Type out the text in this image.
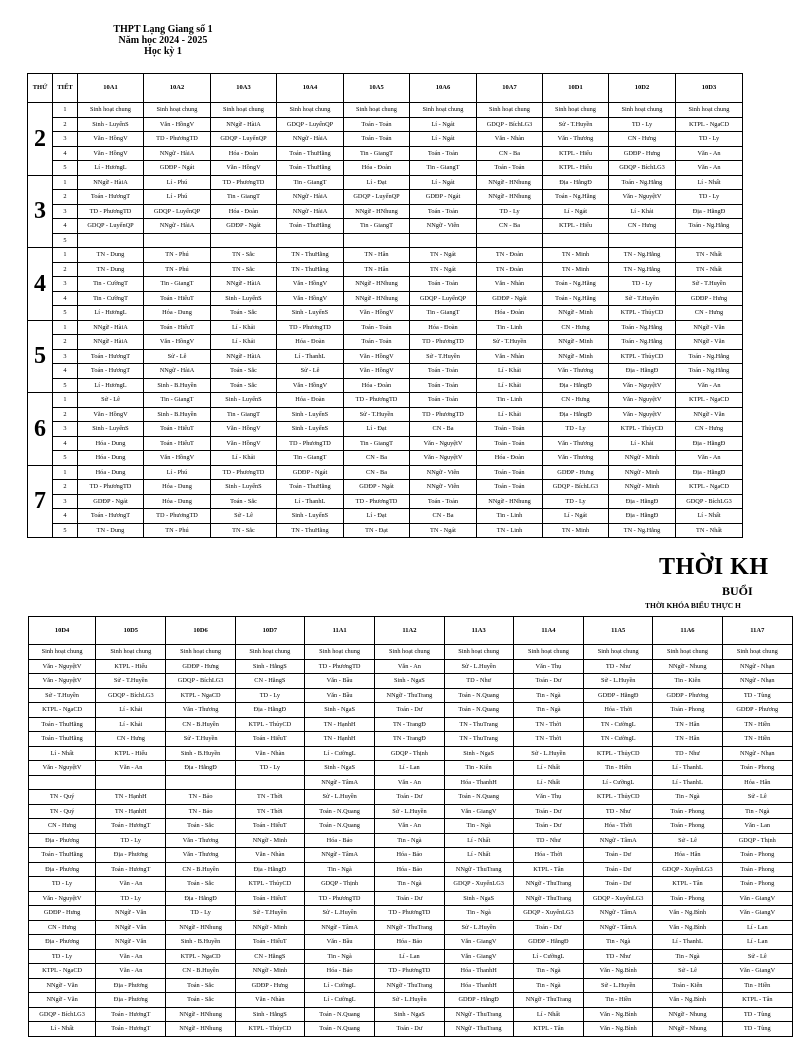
THPT Lạng Giang số 1
Năm học 2024 - 2025
Học kỳ 1
THỨ	TIẾT	10A1	10A2	10A3	10A4	10A5	10A6	10A7	10D1	10D2	10D3
2	1	Sinh hoạt chung	Sinh hoạt chung	Sinh hoạt chung	Sinh hoạt chung	Sinh hoạt chung	Sinh hoạt chung	Sinh hoạt chung	Sinh hoạt chung	Sinh hoạt chung	Sinh hoạt chung
	2	Sinh - LuyếnS	Văn - HồngV	NNgữ - HàiA	GDQP - LuyếnQP	Toán - Toản	Lí - Ngát	GDQP - BíchLG3	Sử - T.Huyền	TD - Ly	KTPL - NgaCD
	3	Văn - HồngV	TD - PhươngTD	GDQP - LuyếnQP	NNgữ - HàiA	Toán - Toản	Lí - Ngát	Văn - Nhàn	Văn - Thương	CN - Hưng	TD - Ly
	4	Văn - HồngV	NNgữ - HàiA	Hóa - Đoàn	Toán - ThuHằng	Tin - GiangT	Toán - Toản	CN - Ba	KTPL - Hiếu	GDĐP - Hưng	Văn - An
	5	Lí - HươngL	GDĐP - Ngát	Văn - HồngV	Toán - ThuHằng	Hóa - Đoàn	Tin - GiangT	Toán - Toản	KTPL - Hiếu	GDQP - BíchLG3	Văn - An
3	1	NNgữ - HàiA	Lí - Phú	TD - PhươngTD	Tin - GiangT	Lí - Đạt	Lí - Ngát	NNgữ - HNhung	Địa - HằngĐ	Toán - Ng.Hằng	Lí - Nhất
	2	Toán - HươngT	Lí - Phú	Tin - GiangT	NNgữ - HàiA	GDQP - LuyếnQP	GDĐP - Ngát	NNgữ - HNhung	Toán - Ng.Hằng	Văn - NguyệtV	TD - Ly
	3	TD - PhươngTD	GDQP - LuyếnQP	Hóa - Đoàn	NNgữ - HàiA	NNgữ - HNhung	Toán - Toản	TD - Ly	Lí - Ngát	Lí - Khải	Địa - HằngĐ
	4	GDQP - LuyếnQP	NNgữ - HàiA	GDĐP - Ngát	Toán - ThuHằng	Tin - GiangT	NNgữ - Viên	CN - Ba	KTPL - Hiếu	CN - Hưng	Toán - Ng.Hằng
	5										
4	1	TN - Dung	TN - Phú	TN - Sắc	TN - ThuHằng	TN - Hân	TN - Ngát	TN - Đoàn	TN - Minh	TN - Ng.Hằng	TN - Nhất
	2	TN - Dung	TN - Phú	TN - Sắc	TN - ThuHằng	TN - Hân	TN - Ngát	TN - Đoàn	TN - Minh	TN - Ng.Hằng	TN - Nhất
	3	Tin - CườngT	Tin - GiangT	NNgữ - HàiA	Văn - HồngV	NNgữ - HNhung	Toán - Toản	Văn - Nhàn	Toán - Ng.Hằng	TD - Ly	Sử - T.Huyền
	4	Tin - CườngT	Toán - HiếuT	Sinh - LuyếnS	Văn - HồngV	NNgữ - HNhung	GDQP - LuyếnQP	GDĐP - Ngát	Toán - Ng.Hằng	Sử - T.Huyền	GDĐP - Hưng
	5	Lí - HươngL	Hóa - Dung	Toán - Sắc	Sinh - LuyếnS	Văn - HồngV	Tin - GiangT	Hóa - Đoàn	NNgữ - Minh	KTPL - ThủyCD	CN - Hưng
5	1	NNgữ - HàiA	Toán - HiếuT	Lí - Khải	TD - PhươngTD	Toán - Toản	Hóa - Đoàn	Tin - Linh	CN - Hưng	Toán - Ng.Hằng	NNgữ - Văn
	2	NNgữ - HàiA	Văn - HồngV	Lí - Khải	Hóa - Đoàn	Toán - Toản	TD - PhươngTD	Sử - T.Huyền	NNgữ - Minh	Toán - Ng.Hằng	NNgữ - Văn
	3	Toán - HươngT	Sử - Lê	NNgữ - HàiA	Lí - ThanhL	Văn - HồngV	Sử - T.Huyền	Văn - Nhàn	NNgữ - Minh	KTPL - ThủyCD	Toán - Ng.Hằng
	4	Toán - HươngT	NNgữ - HàiA	Toán - Sắc	Sử - Lê	Văn - HồngV	Toán - Toản	Lí - Khải	Văn - Thương	Địa - HằngĐ	Toán - Ng.Hằng
	5	Lí - HươngL	Sinh - B.Huyền	Toán - Sắc	Văn - HồngV	Hóa - Đoàn	Toán - Toản	Lí - Khải	Địa - HằngĐ	Văn - NguyệtV	Văn - An
6	1	Sử - Lê	Tin - GiangT	Sinh - LuyếnS	Hóa - Đoàn	TD - PhươngTD	Toán - Toản	Tin - Linh	CN - Hưng	Văn - NguyệtV	KTPL - NgaCD
	2	Văn - HồngV	Sinh - B.Huyền	Tin - GiangT	Sinh - LuyếnS	Sử - T.Huyền	TD - PhươngTD	Lí - Khải	Địa - HằngĐ	Văn - NguyệtV	NNgữ - Văn
	3	Sinh - LuyếnS	Toán - HiếuT	Văn - HồngV	Sinh - LuyếnS	Lí - Đạt	CN - Ba	Toán - Toản	TD - Ly	KTPL - ThủyCD	CN - Hưng
	4	Hóa - Dung	Toán - HiếuT	Văn - HồngV	TD - PhươngTD	Tin - GiangT	Văn - NguyệtV	Toán - Toản	Văn - Thương	Lí - Khải	Địa - HằngĐ
	5	Hóa - Dung	Văn - HồngV	Lí - Khải	Tin - GiangT	CN - Ba	Văn - NguyệtV	Hóa - Đoàn	Văn - Thương	NNgữ - Minh	Văn - An
7	1	Hóa - Dung	Lí - Phú	TD - PhươngTD	GDĐP - Ngát	CN - Ba	NNgữ - Viên	Toán - Toản	GDĐP - Hưng	NNgữ - Minh	Địa - HằngĐ
	2	TD - PhươngTD	Hóa - Dung	Sinh - LuyếnS	Toán - ThuHằng	GDĐP - Ngát	NNgữ - Viên	Toán - Toản	GDQP - BíchLG3	NNgữ - Minh	KTPL - NgaCD
	3	GDĐP - Ngát	Hóa - Dung	Toán - Sắc	Lí - ThanhL	TD - PhươngTD	Toán - Toản	NNgữ - HNhung	TD - Ly	Địa - HằngĐ	GDQP - BíchLG3
	4	Toán - HươngT	TD - PhươngTD	Sử - Lê	Sinh - LuyếnS	Lí - Đạt	CN - Ba	Tin - Linh	Lí - Ngát	Địa - HằngĐ	Lí - Nhất
	5	TN - Dung	TN - Phú	TN - Sắc	TN - ThuHằng	TN - Đạt	TN - Ngát	TN - Linh	TN - Minh	TN - Ng.Hằng	TN - Nhất
THỜI KH
BUỔI
THỜI KHÓA BIỂU THỰC H
10D4	10D5	10D6	10D7	11A1	11A2	11A3	11A4	11A5	11A6	11A7
Sinh hoạt chung	Sinh hoạt chung	Sinh hoạt chung	Sinh hoạt chung	Sinh hoạt chung	Sinh hoạt chung	Sinh hoạt chung	Sinh hoạt chung	Sinh hoạt chung	Sinh hoạt chung	Sinh hoạt chung
Văn - NguyệtV	KTPL - Hiếu	GDĐP - Hưng	Sinh - HằngS	TD - PhươngTD	Văn - An	Sử - L.Huyền	Văn - Thụ	TD - Như	NNgữ - Nhung	NNgữ - Nhạn
Văn - NguyệtV	Sử - T.Huyền	GDQP - BíchLG3	CN - HằngS	Văn - Bầu	Sinh - NgaS	TD - Như	Toán - Dư	Sử - L.Huyền	Tin - Kiên	NNgữ - Nhạn
Sử - T.Huyền	GDQP - BíchLG3	KTPL - NgaCD	TD - Ly	Văn - Bầu	NNgữ - ThuTrang	Toán - N.Quang	Tin - Ngà	GDĐP - HằngĐ	GDĐP - Phương	TD - Tùng
KTPL - NgaCD	Lí - Khải	Văn - Thương	Địa - HằngĐ	Sinh - NgaS	Toán - Dư	Toán - N.Quang	Tin - Ngà	Hóa - Thời	Toán - Phong	GDĐP - Phương
Toán - ThuHằng	Lí - Khải	CN - B.Huyền	KTPL - ThủyCD	TN - HạnhH	TN - TrangĐ	TN - ThuTrang	TN - Thời	TN - CườngL	TN - Hân	TN - Hiền
Toán - ThuHằng	CN - Hưng	Sử - T.Huyền	Toán - HiếuT	TN - HạnhH	TN - TrangĐ	TN - ThuTrang	TN - Thời	TN - CườngL	TN - Hân	TN - Hiền
Lí - Nhất	KTPL - Hiếu	Sinh - B.Huyền	Văn - Nhàn	Lí - CườngL	GDQP - Thịnh	Sinh - NgaS	Sử - L.Huyền	KTPL - ThủyCD	TD - Như	NNgữ - Nhạn
Văn - NguyệtV	Văn - An	Địa - HằngĐ	TD - Ly	Sinh - NgaS	Lí - Lan	Tin - Kiên	Lí - Nhất	Tin - Hiền	Lí - ThanhL	Toán - Phong
				NNgữ - TâmA	Văn - An	Hóa - ThanhH	Lí - Nhất	Lí - CườngL	Lí - ThanhL	Hóa - Hân
TN - Quý	TN - HạnhH	TN - Bảo	TN - Thời	Sử - L.Huyền	Toán - Dư	Toán - N.Quang	Văn - Thụ	KTPL - ThủyCD	Tin - Ngà	Sử - Lê
TN - Quý	TN - HạnhH	TN - Bảo	TN - Thời	Toán - N.Quang	Sử - L.Huyền	Văn - GiangV	Toán - Dư	TD - Như	Toán - Phong	Tin - Ngà
CN - Hưng	Toán - HươngT	Toán - Sắc	Toán - HiếuT	Toán - N.Quang	Văn - An	Tin - Ngà	Toán - Dư	Hóa - Thời	Toán - Phong	Văn - Lan
Địa - Phương	TD - Ly	Văn - Thương	NNgữ - Minh	Hóa - Bảo	Tin - Ngà	Lí - Nhất	TD - Như	NNgữ - TâmA	Sử - Lê	GDQP - Thịnh
Toán - ThuHằng	Địa - Phương	Văn - Thương	Văn - Nhàn	NNgữ - TâmA	Hóa - Bảo	Lí - Nhất	Hóa - Thời	Toán - Dư	Hóa - Hân	Toán - Phong
Địa - Phương	Toán - HươngT	CN - B.Huyền	Địa - HằngĐ	Tin - Ngà	Hóa - Bảo	NNgữ - ThuTrang	KTPL - Tân	Toán - Dư	GDQP - XuyếnLG3	Toán - Phong
TD - Ly	Văn - An	Toán - Sắc	KTPL - ThủyCD	GDQP - Thịnh	Tin - Ngà	GDQP - XuyếnLG3	NNgữ - ThuTrang	Toán - Dư	KTPL - Tân	Toán - Phong
Văn - NguyệtV	TD - Ly	Địa - HằngĐ	Toán - HiếuT	TD - PhươngTD	Toán - Dư	Sinh - NgaS	NNgữ - ThuTrang	GDQP - XuyếnLG3	Toán - Phong	Văn - GiangV
GDĐP - Hưng	NNgữ - Văn	TD - Ly	Sử - T.Huyền	Sử - L.Huyền	TD - PhươngTD	Tin - Ngà	GDQP - XuyếnLG3	NNgữ - TâmA	Văn - Ng.Bình	Văn - GiangV
CN - Hưng	NNgữ - Văn	NNgữ - HNhung	NNgữ - Minh	NNgữ - TâmA	NNgữ - ThuTrang	Sử - L.Huyền	Toán - Dư	NNgữ - TâmA	Văn - Ng.Bình	Lí - Lan
Địa - Phương	NNgữ - Văn	Sinh - B.Huyền	Toán - HiếuT	Văn - Bầu	Hóa - Bảo	Văn - GiangV	GDĐP - HằngĐ	Tin - Ngà	Lí - ThanhL	Lí - Lan
TD - Ly	Văn - An	KTPL - NgaCD	CN - HằngS	Tin - Ngà	Lí - Lan	Văn - GiangV	Lí - CườngL	TD - Như	Tin - Ngà	Sử - Lê
KTPL - NgaCD	Văn - An	CN - B.Huyền	NNgữ - Minh	Hóa - Bảo	TD - PhươngTD	Hóa - ThanhH	Tin - Ngà	Văn - Ng.Bình	Sử - Lê	Văn - GiangV
NNgữ - Văn	Địa - Phương	Toán - Sắc	GDĐP - Hưng	Lí - CườngL	NNgữ - ThuTrang	Hóa - ThanhH	Tin - Ngà	Sử - L.Huyền	Toán - Kiên	Tin - Hiền
NNgữ - Văn	Địa - Phương	Toán - Sắc	Văn - Nhàn	Lí - CườngL	Sử - L.Huyền	GDĐP - HằngĐ	NNgữ - ThuTrang	Tin - Hiền	Văn - Ng.Bình	KTPL - Tân
GDQP - BíchLG3	Toán - HươngT	NNgữ - HNhung	Sinh - HằngS	Toán - N.Quang	Sinh - NgaS	NNgữ - ThuTrang	Lí - Nhất	Văn - Ng.Bình	NNgữ - Nhung	TD - Tùng
Lí - Nhất	Toán - HươngT	NNgữ - HNhung	KTPL - ThủyCD	Toán - N.Quang	Toán - Dư	NNgữ - ThuTrang	KTPL - Tân	Văn - Ng.Bình	NNgữ - Nhung	TD - Tùng
